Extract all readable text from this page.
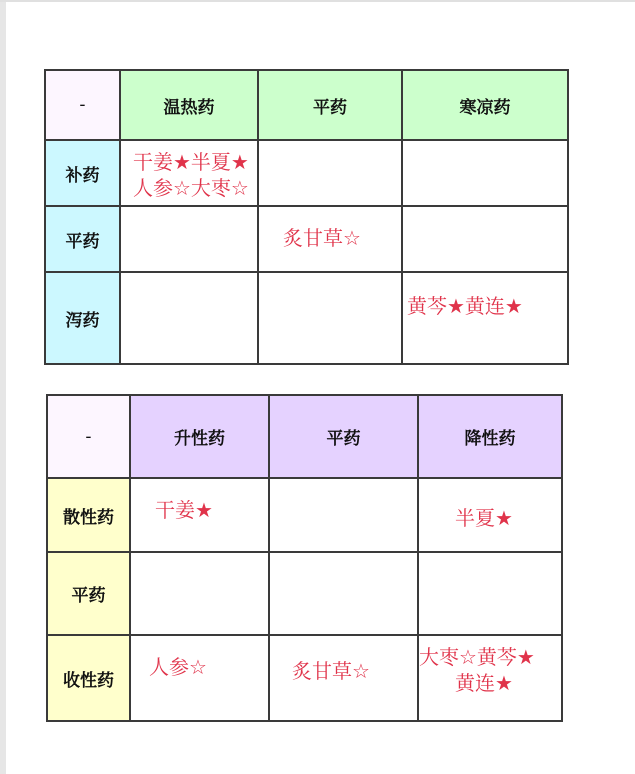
-	温热药	平药	寒凉药
补药	干姜★半夏★
人参☆大枣☆		

平药		炙甘草☆	

泻药			黄芩★黄连★
-	升性药	平药	降性药
散性药	干姜★		半夏★

平药			
收性药	人参☆	炙甘草☆	大枣☆黄芩★
黄连★
